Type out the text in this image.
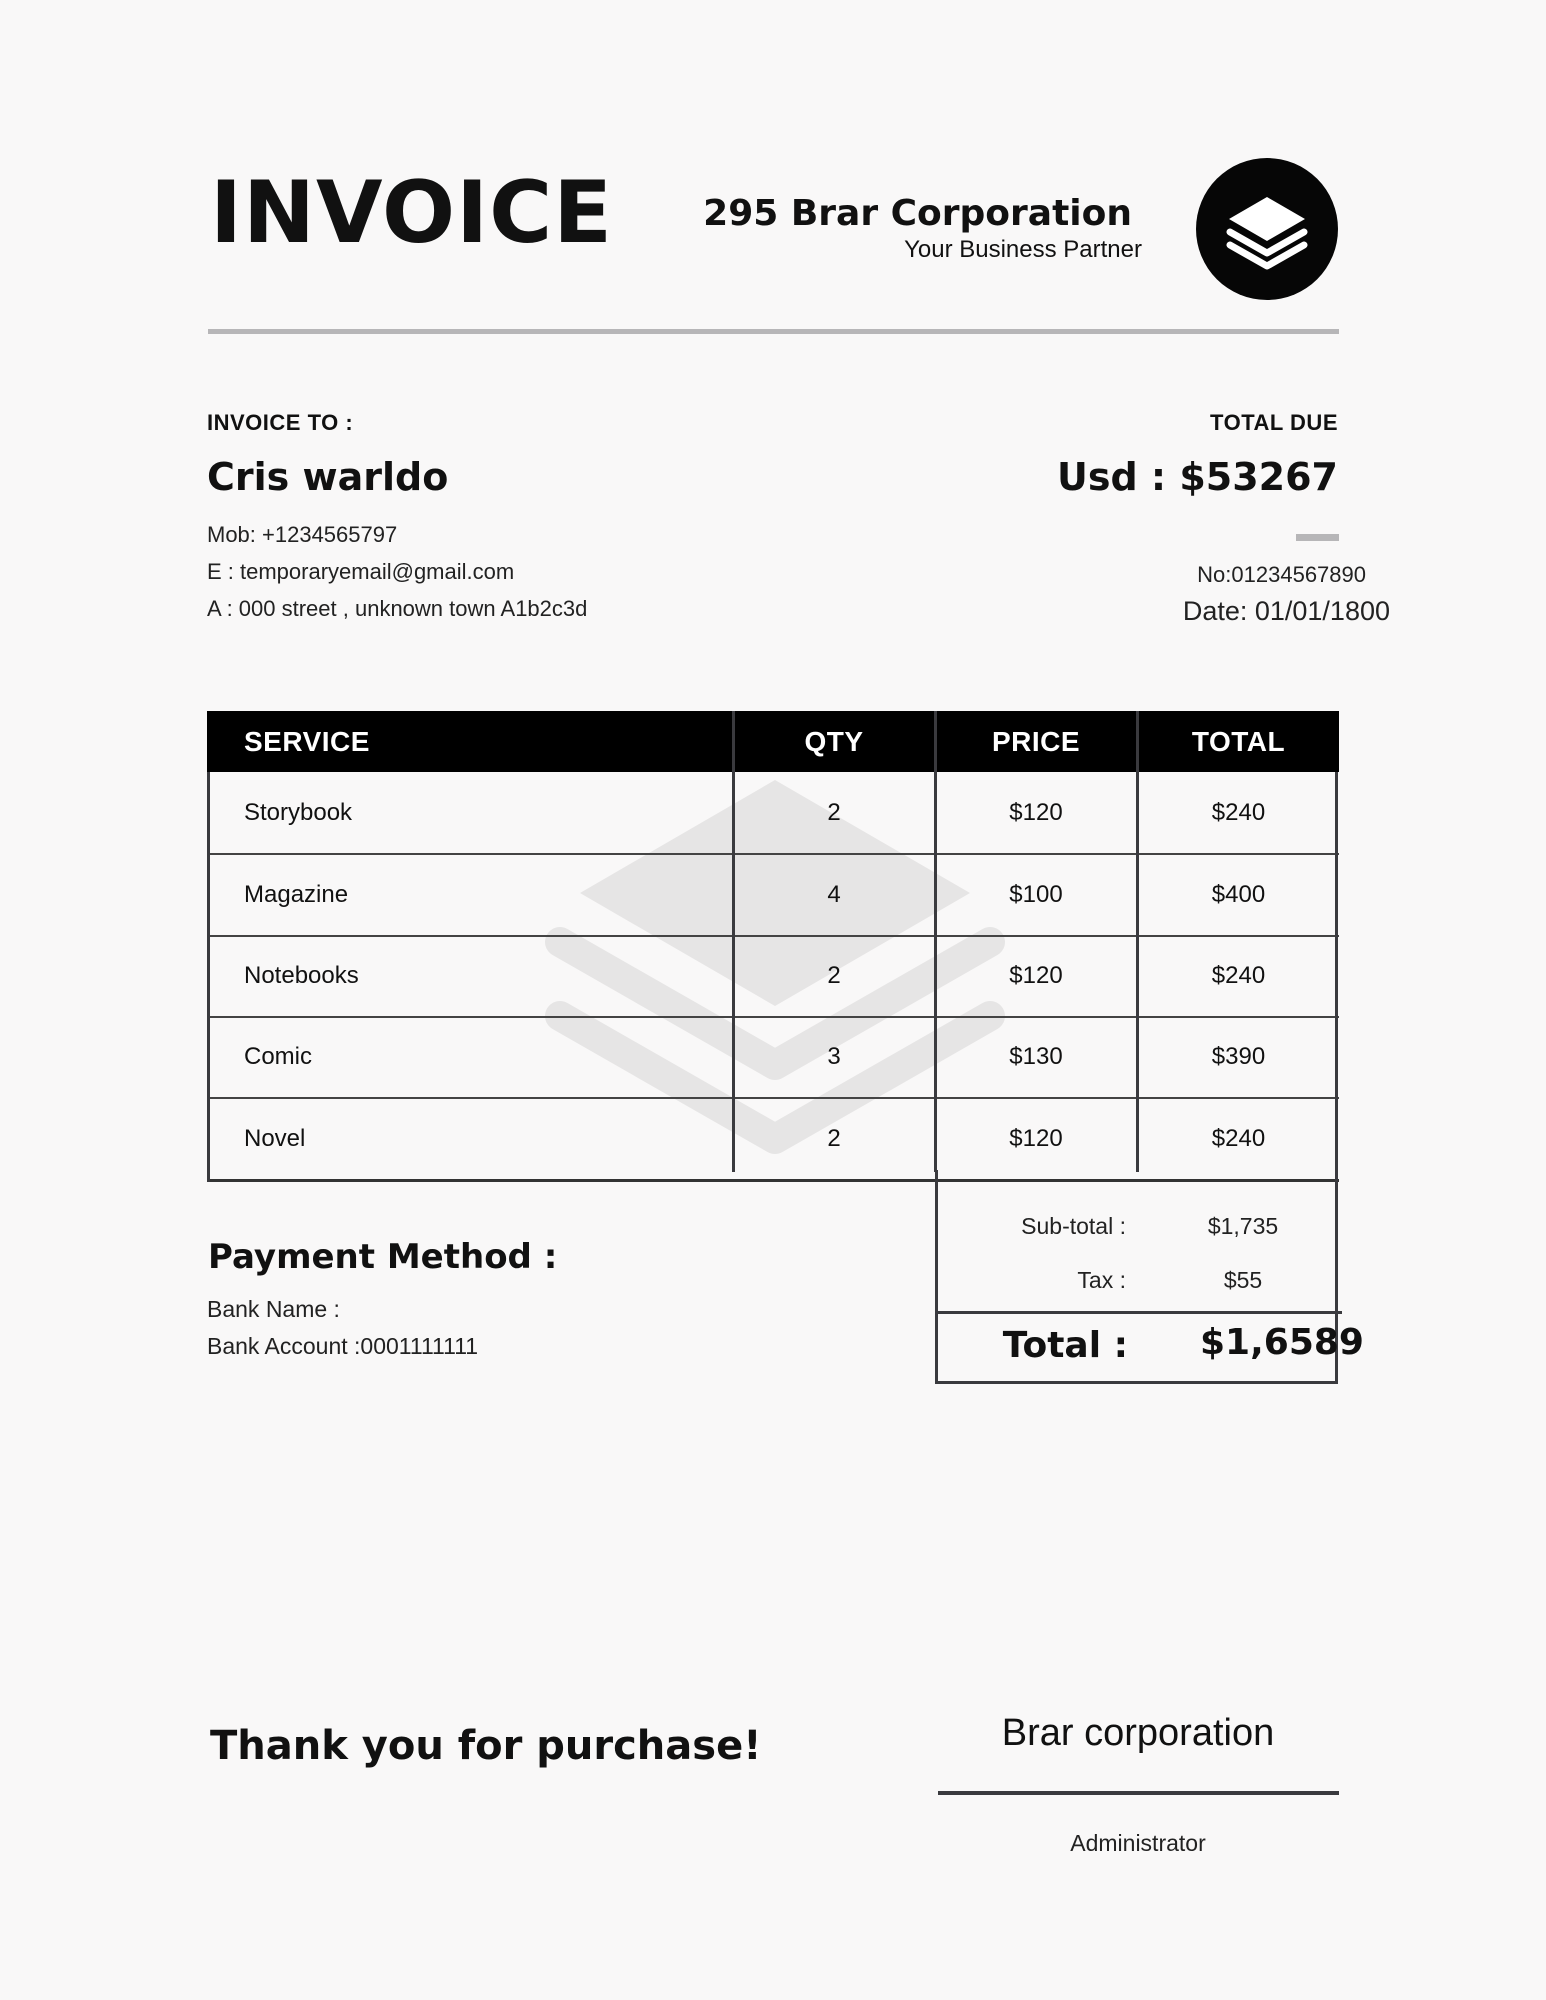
INVOICE	295 Brar Corporation
Your Business Partner
INVOICE TO :
Cris warldo
Mob: +1234565797
E : temporaryemail@gmail.com
A : 000 street , unknown town A1b2c3d
TOTAL DUE
Usd : $53267
No:01234567890
Date: 01/01/1800
SERVICE	QTY	PRICE	TOTAL
Storybook	2	$120	$240
Magazine	4	$100	$400
Notebooks	2	$120	$240
Comic	3	$130	$390
Novel	2	$120	$240
Payment Method :
Bank Name :
Bank Account :0001111111
Sub-total :	$1,735
Tax :	$55
Total : $1,6589
Thank you for purchase!	Brar corporation
Administrator
